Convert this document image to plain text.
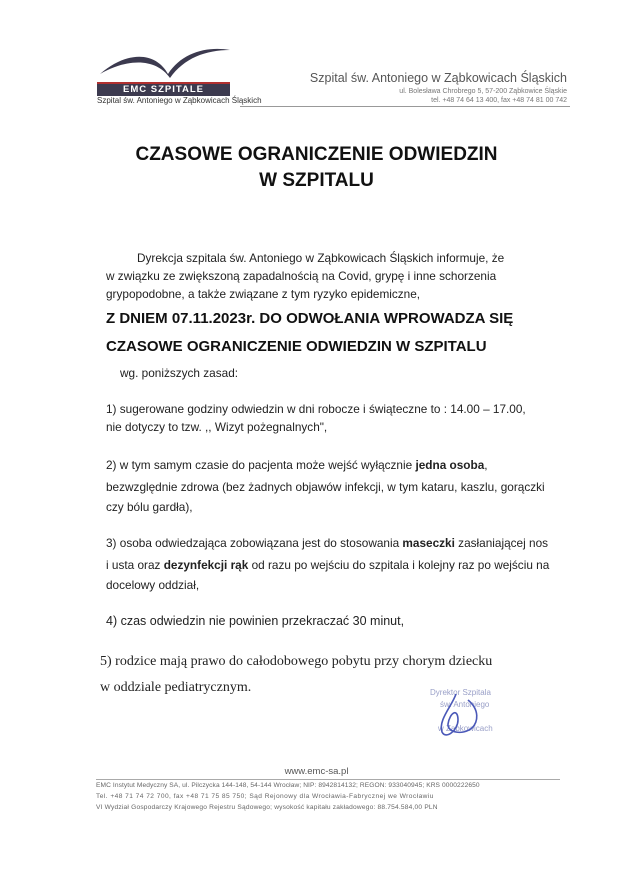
EMC SZPITALE
Szpital św. Antoniego w Ząbkowicach Śląskich
Szpital św. Antoniego w Ząbkowicach Śląskich
ul. Bolesława Chrobrego 5, 57-200 Ząbkowice Śląskie
tel. +48 74 64 13 400, fax +48 74 81 00 742
CZASOWE OGRANICZENIE ODWIEDZIN
W SZPITALU
Dyrekcja szpitala św. Antoniego w Ząbkowicach Śląskich informuje, że
w związku ze zwiększoną zapadalnością na Covid, grypę i inne schorzenia
grypopodobne, a także związane z tym ryzyko epidemiczne,
Z DNIEM 07.11.2023r. DO ODWOŁANIA WPROWADZA SIĘ
CZASOWE OGRANICZENIE ODWIEDZIN W SZPITALU
wg. poniższych zasad:
1) sugerowane godziny odwiedzin w dni robocze i świąteczne to : 14.00 – 17.00,
nie dotyczy to tzw. ,, Wizyt pożegnalnych",
2) w tym samym czasie do pacjenta może wejść wyłącznie jedna osoba,
bezwzględnie zdrowa (bez żadnych objawów infekcji, w tym kataru, kaszlu, gorączki
czy bólu gardła),
3) osoba odwiedzająca zobowiązana jest do stosowania maseczki zasłaniającej nos
i usta oraz dezynfekcji rąk od razu po wejściu do szpitala i kolejny raz po wejściu na
docelowy oddział,
4) czas odwiedzin nie powinien przekraczać 30 minut,
5) rodzice mają prawo do całodobowego pobytu przy chorym dziecku
w oddziale pediatrycznym.	Dyrektor Szpitala
św. Antoniego
w Ząbkowicach
www.emc-sa.pl
EMC Instytut Medyczny SA, ul. Pilczycka 144-148, 54-144 Wrocław; NIP: 8942814132; REGON: 933040945; KRS 0000222650
Tel. +48 71 74 72 700, fax +48 71 75 85 750; Sąd Rejonowy dla Wrocławia-Fabrycznej we Wrocławiu
VI Wydział Gospodarczy Krajowego Rejestru Sądowego; wysokość kapitału zakładowego: 88.754.584,00 PLN
